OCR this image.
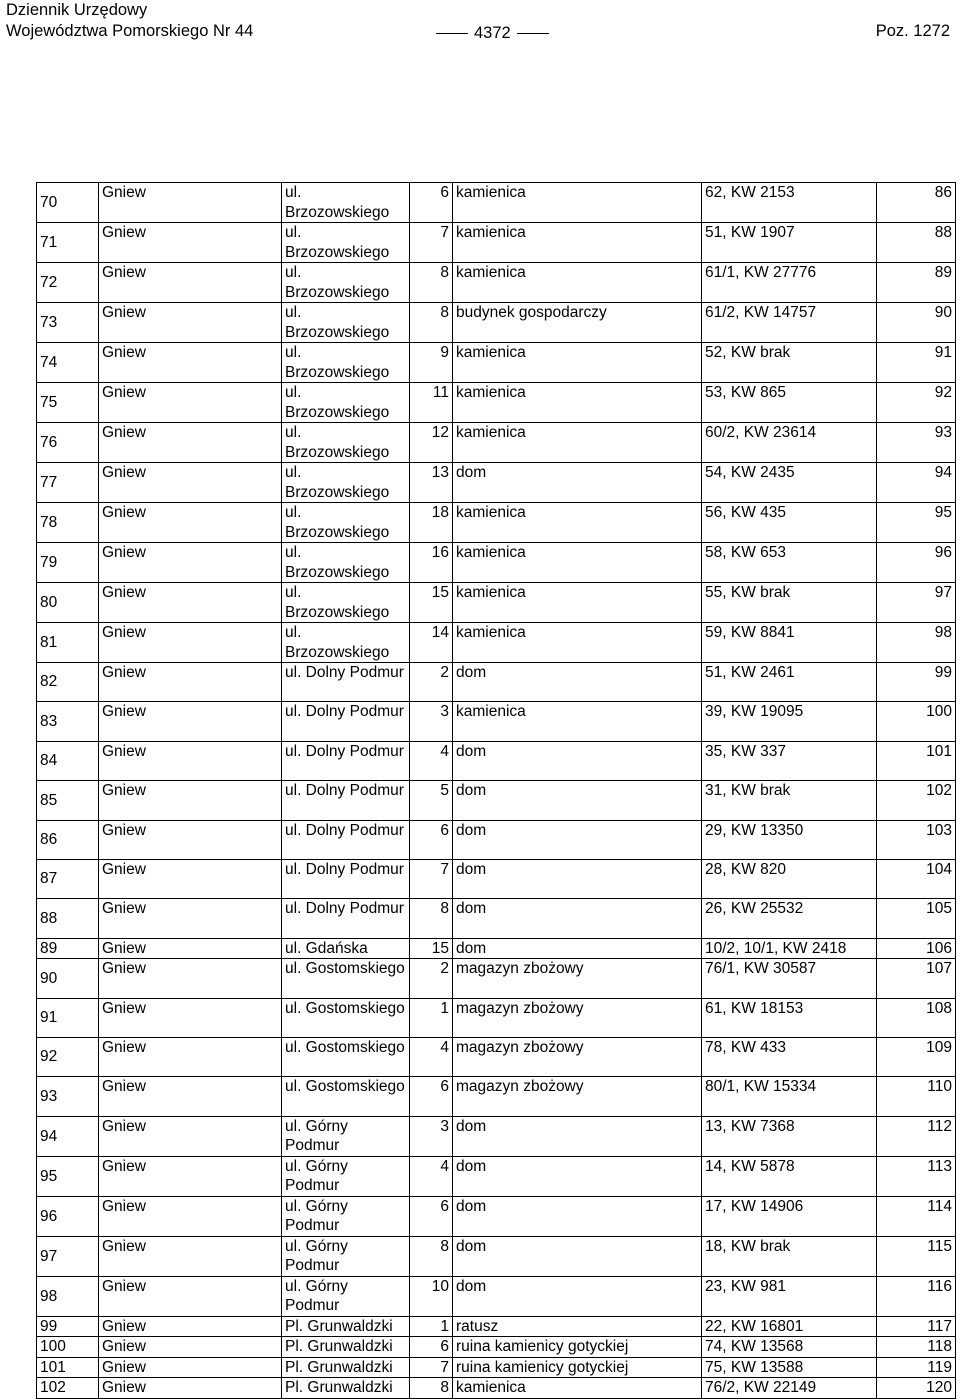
Dziennik Urzędowy
Województwa Pomorskiego Nr 44	4372	Poz. 1272
70	Gniew	ul. Brzozowskiego	6	kamienica	62, KW 2153	86
71	Gniew	ul. Brzozowskiego	7	kamienica	51, KW 1907	88
72	Gniew	ul. Brzozowskiego	8	kamienica	61/1, KW 27776	89
73	Gniew	ul. Brzozowskiego	8	budynek gospodarczy	61/2, KW 14757	90
74	Gniew	ul. Brzozowskiego	9	kamienica	52, KW brak	91
75	Gniew	ul. Brzozowskiego	11	kamienica	53, KW 865	92
76	Gniew	ul. Brzozowskiego	12	kamienica	60/2, KW 23614	93
77	Gniew	ul. Brzozowskiego	13	dom	54, KW 2435	94
78	Gniew	ul. Brzozowskiego	18	kamienica	56, KW 435	95
79	Gniew	ul. Brzozowskiego	16	kamienica	58, KW 653	96
80	Gniew	ul. Brzozowskiego	15	kamienica	55, KW brak	97
81	Gniew	ul. Brzozowskiego	14	kamienica	59, KW 8841	98
82	Gniew	ul. Dolny Podmur	2	dom	51, KW 2461	99
83	Gniew	ul. Dolny Podmur	3	kamienica	39, KW 19095	100
84	Gniew	ul. Dolny Podmur	4	dom	35, KW 337	101
85	Gniew	ul. Dolny Podmur	5	dom	31, KW brak	102
86	Gniew	ul. Dolny Podmur	6	dom	29, KW 13350	103
87	Gniew	ul. Dolny Podmur	7	dom	28, KW 820	104
88	Gniew	ul. Dolny Podmur	8	dom	26, KW 25532	105
89	Gniew	ul. Gdańska	15	dom	10/2, 10/1, KW 2418	106
90	Gniew	ul. Gostomskiego	2	magazyn zbożowy	76/1, KW 30587	107
91	Gniew	ul. Gostomskiego	1	magazyn zbożowy	61, KW 18153	108
92	Gniew	ul. Gostomskiego	4	magazyn zbożowy	78, KW 433	109
93	Gniew	ul. Gostomskiego	6	magazyn zbożowy	80/1, KW 15334	110
94	Gniew	ul. Górny Podmur	3	dom	13, KW 7368	112
95	Gniew	ul. Górny Podmur	4	dom	14, KW 5878	113
96	Gniew	ul. Górny Podmur	6	dom	17, KW 14906	114
97	Gniew	ul. Górny Podmur	8	dom	18, KW brak	115
98	Gniew	ul. Górny Podmur	10	dom	23, KW 981	116
99	Gniew	Pl. Grunwaldzki	1	ratusz	22, KW 16801	117
100	Gniew	Pl. Grunwaldzki	6	ruina kamienicy gotyckiej	74, KW 13568	118
101	Gniew	Pl. Grunwaldzki	7	ruina kamienicy gotyckiej	75, KW 13588	119
102	Gniew	Pl. Grunwaldzki	8	kamienica	76/2, KW 22149	120
